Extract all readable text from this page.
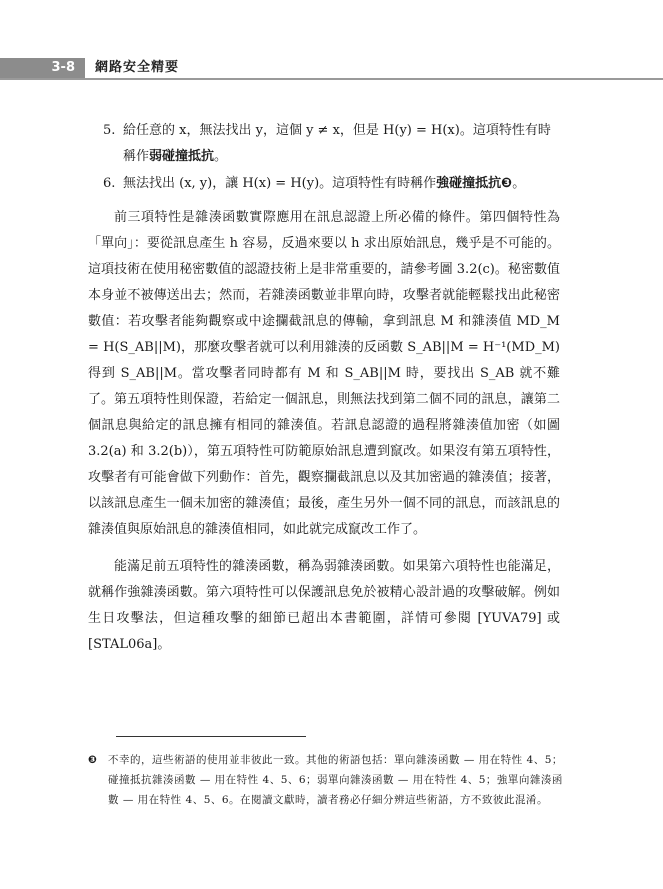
3-8	網路安全精要
5. 給任意的 x，無法找出 y，這個 y ≠ x，但是 H(y) = H(x)。這項特性有時稱作弱碰撞抵抗。
6. 無法找出 (x, y)，讓 H(x) = H(y)。這項特性有時稱作強碰撞抵抗❸。

前三項特性是雜湊函數實際應用在訊息認證上所必備的條件。第四個特性為「單向」：要從訊息產生 h 容易，反過來要以 h 求出原始訊息，幾乎是不可能的。這項技術在使用秘密數值的認證技術上是非常重要的，請參考圖 3.2(c)。秘密數值本身並不被傳送出去；然而，若雜湊函數並非單向時，攻擊者就能輕鬆找出此秘密數值：若攻擊者能夠觀察或中途攔截訊息的傳輸，拿到訊息 M 和雜湊值 MD_M = H(S_AB||M)，那麼攻擊者就可以利用雜湊的反函數 S_AB||M = H⁻¹(MD_M) 得到 S_AB||M。當攻擊者同時都有 M 和 S_AB||M 時，要找出 S_AB 就不難了。 第五項特性則保證，若給定一個訊息，則無法找到第二個不同的訊息，讓第二個訊息與給定的訊息擁有相同的雜湊值。若訊息認證的過程將雜湊值加密（如圖 3.2(a) 和 3.2(b)），第五項特性可防範原始訊息遭到竄改。如果沒有第五項特性，攻擊者有可能會做下列動作：首先，觀察攔截訊息以及其加密過的雜湊值；接著，以該訊息產生一個未加密的雜湊值；最後，產生另外一個不同的訊息，而該訊息的雜湊值與原始訊息的雜湊值相同，如此就完成竄改工作了。

能滿足前五項特性的雜湊函數，稱為弱雜湊函數。如果第六項特性也能滿足，就稱作強雜湊函數。第六項特性可以保護訊息免於被精心設計過的攻擊破解。例如生日攻擊法，但這種攻擊的細節已超出本書範圍，詳情可參閱 [YUVA79] 或 [STAL06a]。

❸ 不幸的，這些術語的使用並非彼此一致。其他的術語包括：單向雜湊函數 — 用在特性 4、5；碰撞抵抗雜湊函數 — 用在特性 4、5、6；弱單向雜湊函數 — 用在特性 4、5；強單向雜湊函數 — 用在特性 4、5、6。在閱讀文獻時，讀者務必仔細分辨這些術語，方不致彼此混淆。
